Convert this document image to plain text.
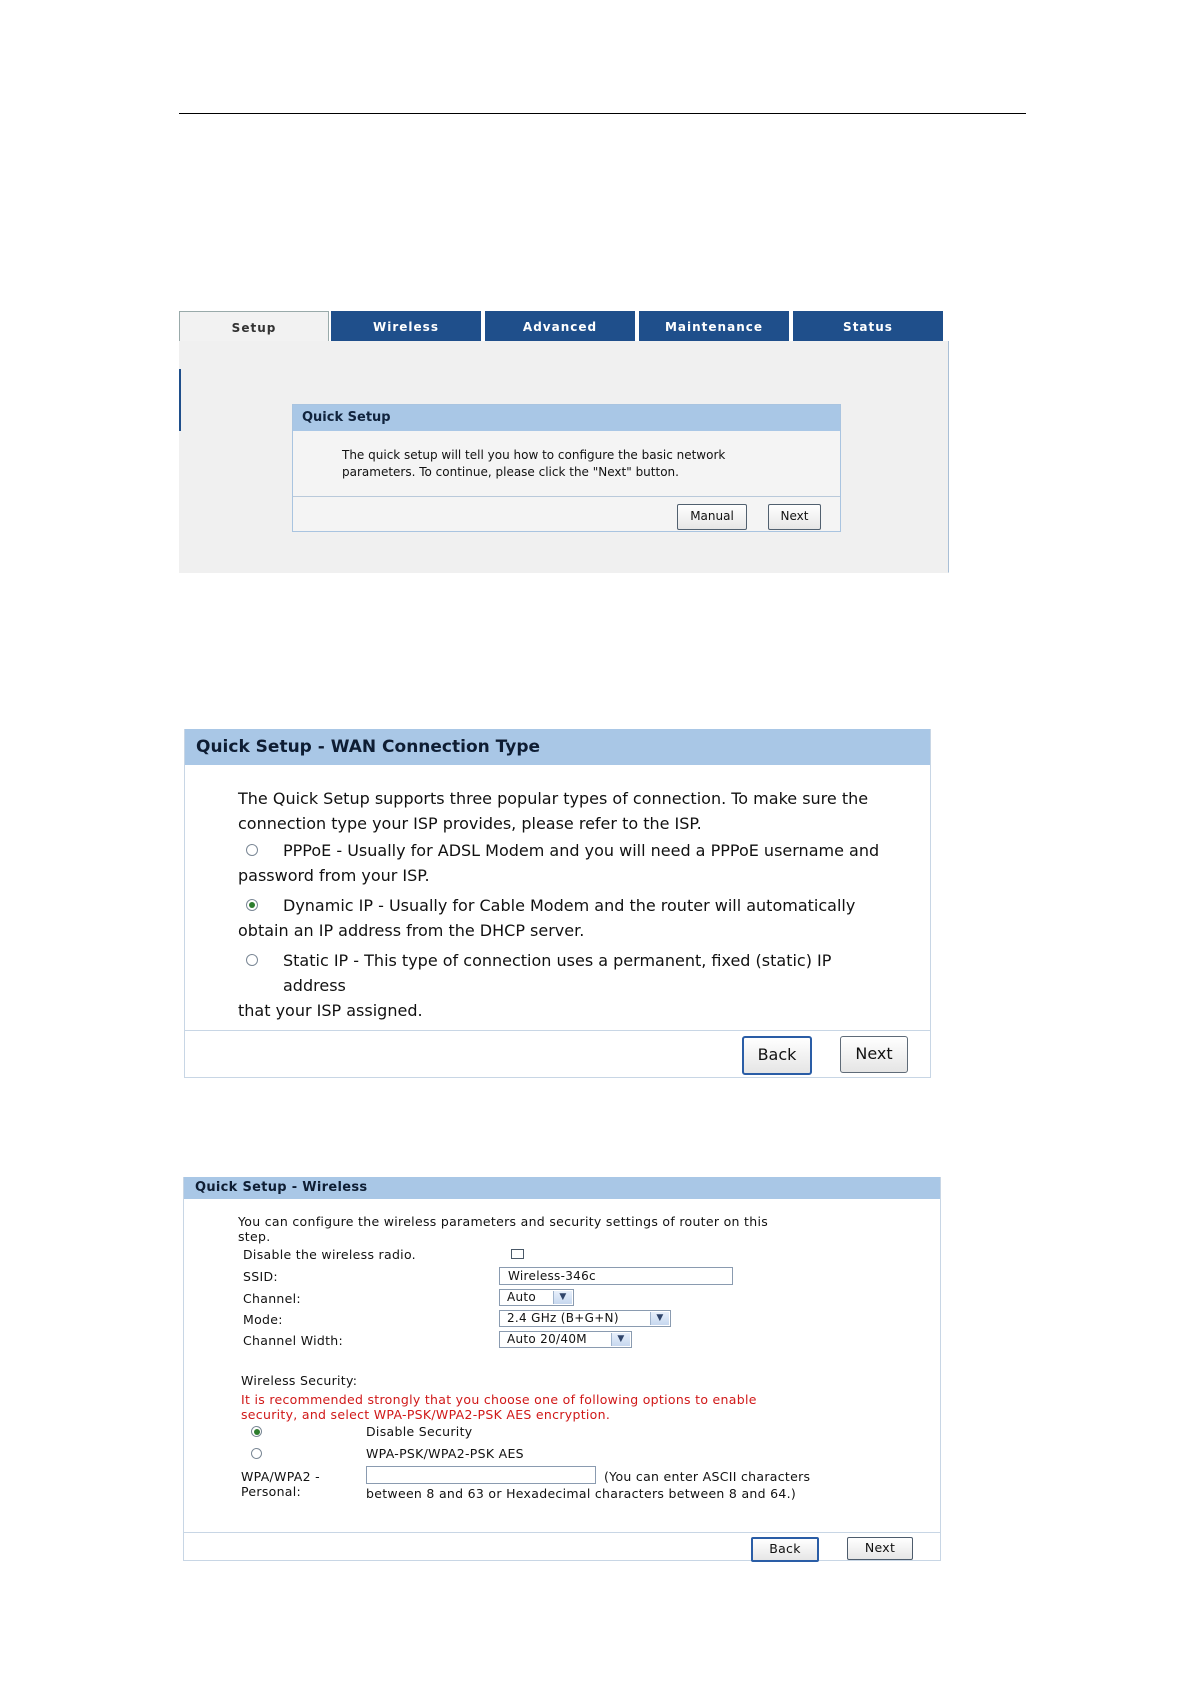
Setup	Wireless	Advanced	Maintenance	Status
Quick Setup
The quick setup will tell you how to configure the basic network
parameters. To continue, please click the "Next" button.
Manual	Next
Quick Setup - WAN Connection Type
The Quick Setup supports three popular types of connection. To make sure the
connection type your ISP provides, please refer to the ISP.
PPPoE - Usually for ADSL Modem and you will need a PPPoE username and
password from your ISP.
Dynamic IP - Usually for Cable Modem and the router will automatically
obtain an IP address from the DHCP server.
Static IP - This type of connection uses a permanent, fixed (static) IP address
that your ISP assigned.
Back	Next
Quick Setup - Wireless
You can configure the wireless parameters and security settings of router on this
step.
Disable the wireless radio.
SSID:	Wireless-346c
Channel:	Auto	▼
Mode:	2.4 GHz (B+G+N)	▼
Channel Width:	Auto 20/40M	▼
Wireless Security:
It is recommended strongly that you choose one of following options to enable
security, and select WPA-PSK/WPA2-PSK AES encryption.
Disable Security
WPA-PSK/WPA2-PSK AES
WPA/WPA2 -
Personal:
(You can enter ASCII characters
between 8 and 63 or Hexadecimal characters between 8 and 64.)
Back	Next
